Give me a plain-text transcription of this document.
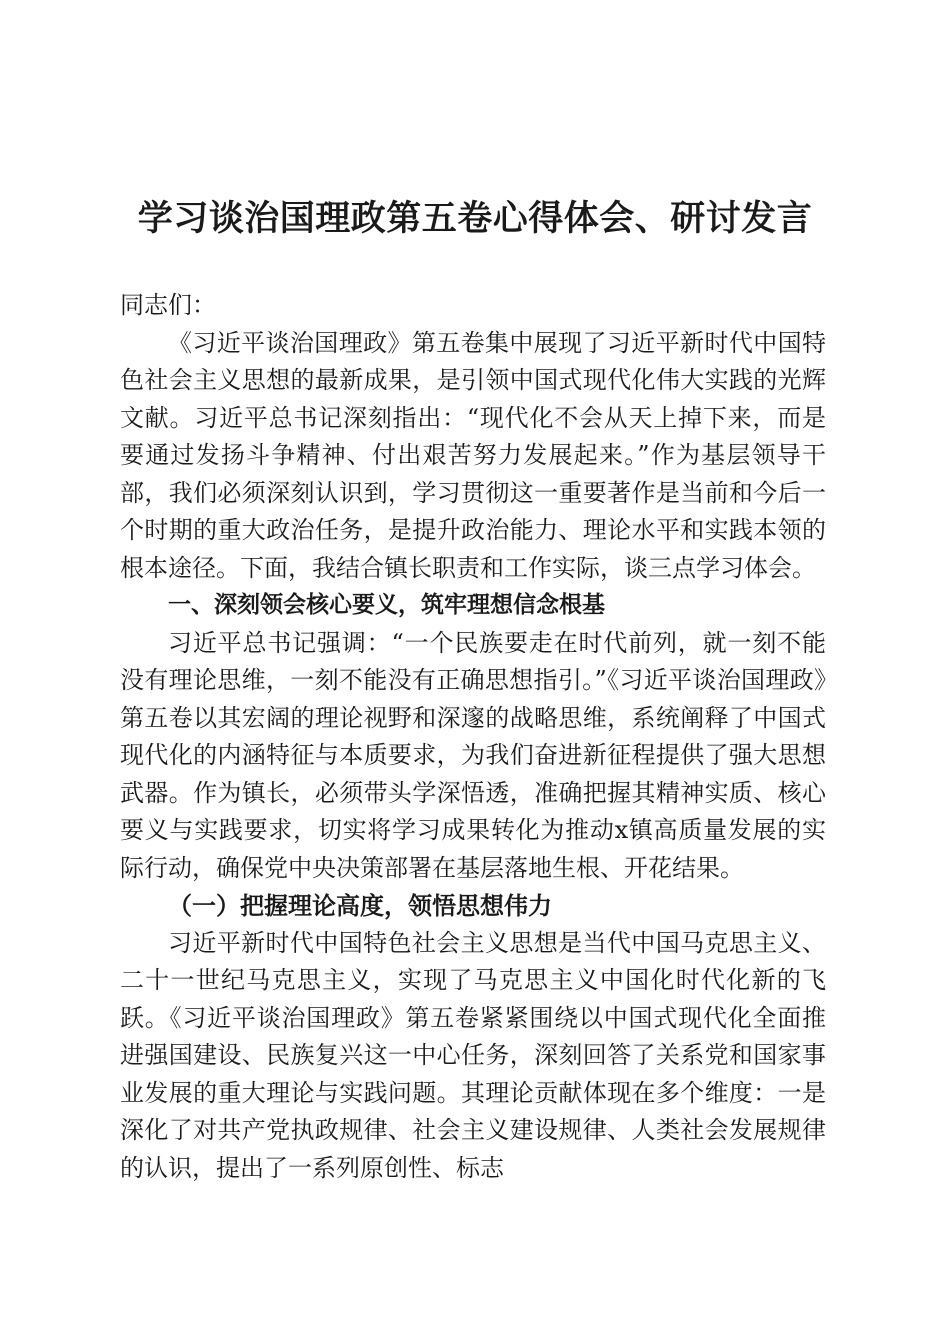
学习谈治国理政第五卷心得体会、研讨发言

同志们：

《习近平谈治国理政》第五卷集中展现了习近平新时代中国特色社会主义思想的最新成果，是引领中国式现代化伟大实践的光辉文献。习近平总书记深刻指出：“现代化不会从天上掉下来，而是要通过发扬斗争精神、付出艰苦努力发展起来。”作为基层领导干部，我们必须深刻认识到，学习贯彻这一重要著作是当前和今后一个时期的重大政治任务，是提升政治能力、理论水平和实践本领的根本途径。下面，我结合镇长职责和工作实际，谈三点学习体会。

一、深刻领会核心要义，筑牢理想信念根基

习近平总书记强调：“一个民族要走在时代前列，就一刻不能没有理论思维，一刻不能没有正确思想指引。”《习近平谈治国理政》第五卷以其宏阔的理论视野和深邃的战略思维，系统阐释了中国式现代化的内涵特征与本质要求，为我们奋进新征程提供了强大思想武器。作为镇长，必须带头学深悟透，准确把握其精神实质、核心要义与实践要求，切实将学习成果转化为推动x镇高质量发展的实际行动，确保党中央决策部署在基层落地生根、开花结果。

（一）把握理论高度，领悟思想伟力

习近平新时代中国特色社会主义思想是当代中国马克思主义、二十一世纪马克思主义，实现了马克思主义中国化时代化新的飞跃。《习近平谈治国理政》第五卷紧紧围绕以中国式现代化全面推进强国建设、民族复兴这一中心任务，深刻回答了关系党和国家事业发展的重大理论与实践问题。其理论贡献体现在多个维度：一是深化了对共产党执政规律、社会主义建设规律、人类社会发展规律的认识，提出了一系列原创性、标志
